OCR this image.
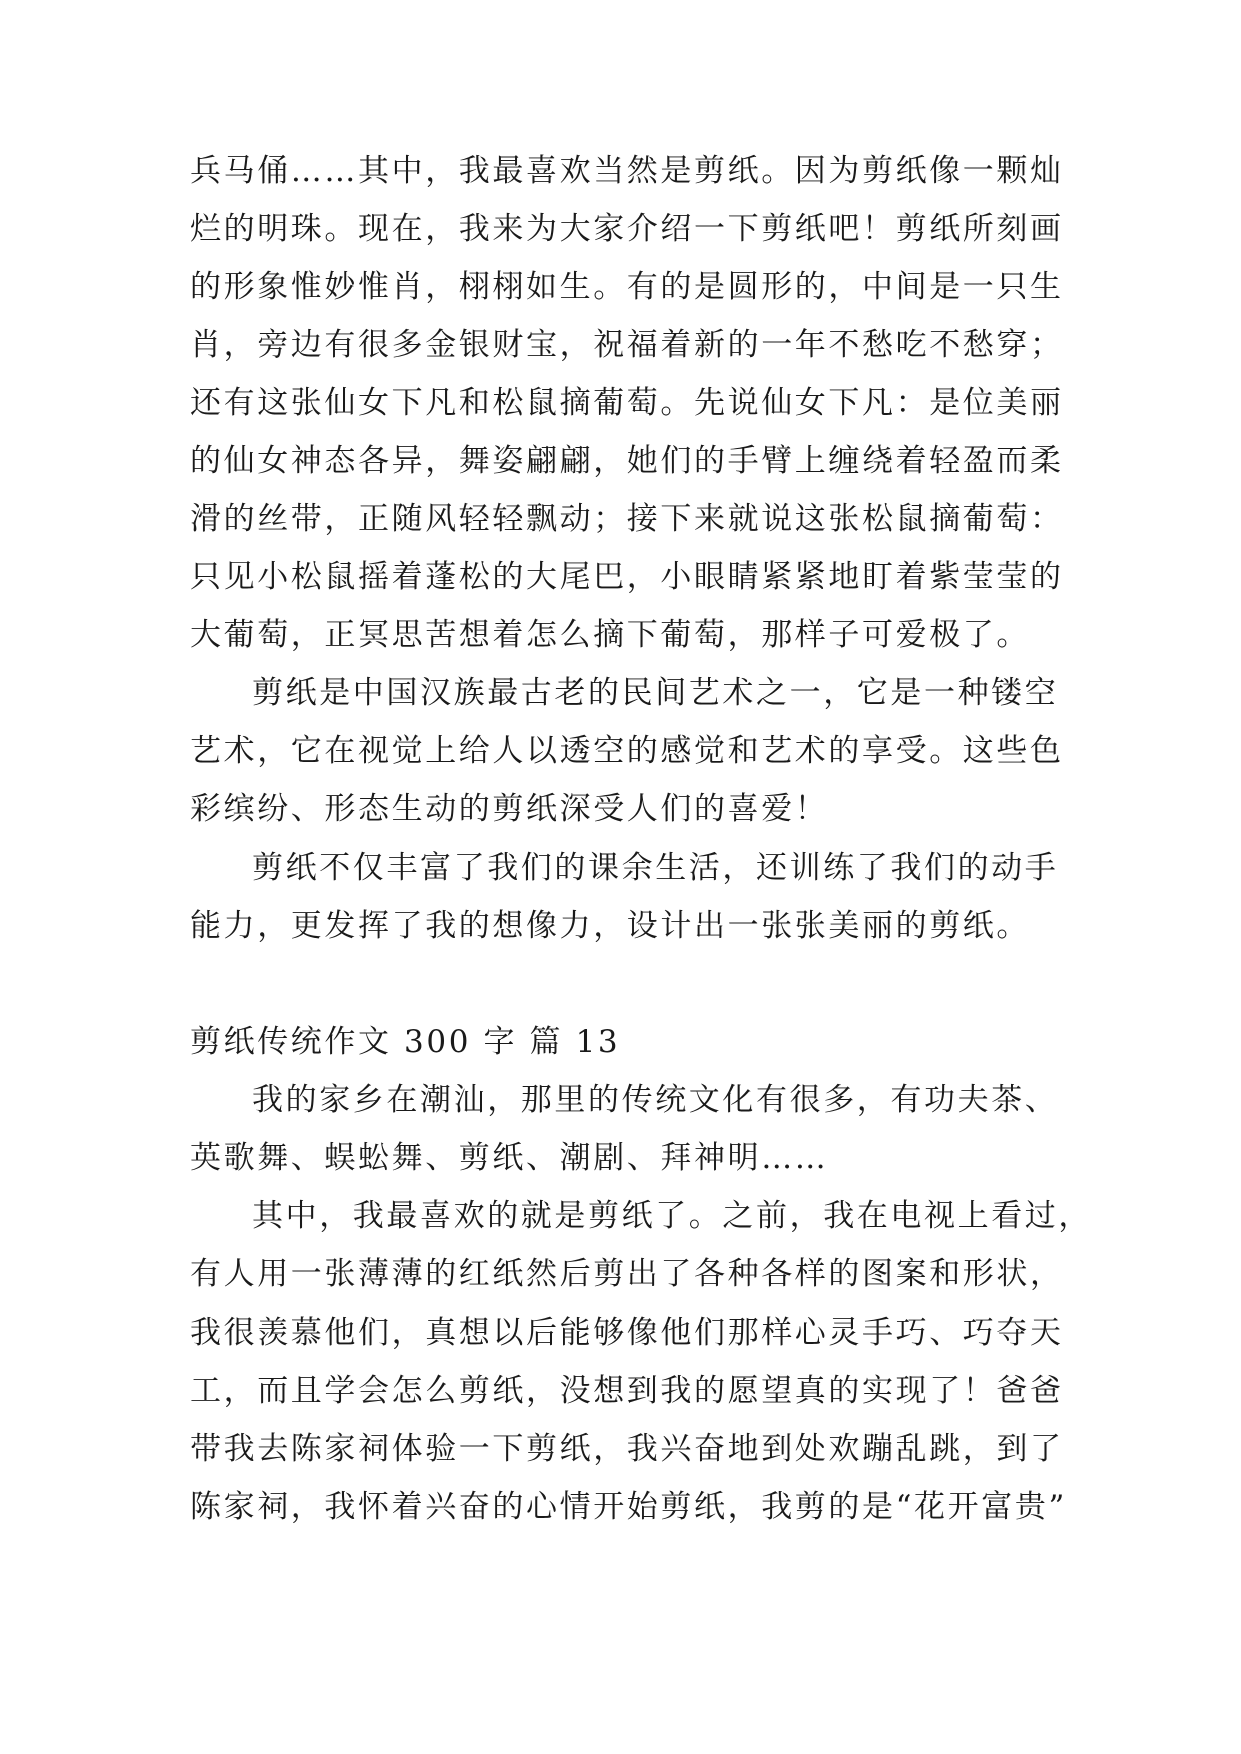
兵马俑……其中，我最喜欢当然是剪纸。因为剪纸像一颗灿
烂的明珠。现在，我来为大家介绍一下剪纸吧！剪纸所刻画
的形象惟妙惟肖，栩栩如生。有的是圆形的，中间是一只生
肖，旁边有很多金银财宝，祝福着新的一年不愁吃不愁穿；
还有这张仙女下凡和松鼠摘葡萄。先说仙女下凡：是位美丽
的仙女神态各异，舞姿翩翩，她们的手臂上缠绕着轻盈而柔
滑的丝带，正随风轻轻飘动；接下来就说这张松鼠摘葡萄：
只见小松鼠摇着蓬松的大尾巴，小眼睛紧紧地盯着紫莹莹的
大葡萄，正冥思苦想着怎么摘下葡萄，那样子可爱极了。
剪纸是中国汉族最古老的民间艺术之一，它是一种镂空
艺术，它在视觉上给人以透空的感觉和艺术的享受。这些色
彩缤纷、形态生动的剪纸深受人们的喜爱！
剪纸不仅丰富了我们的课余生活，还训练了我们的动手
能力，更发挥了我的想像力，设计出一张张美丽的剪纸。
剪纸传统作文 300 字 篇 13
我的家乡在潮汕，那里的传统文化有很多，有功夫茶、
英歌舞、蜈蚣舞、剪纸、潮剧、拜神明……
其中，我最喜欢的就是剪纸了。之前，我在电视上看过，
有人用一张薄薄的红纸然后剪出了各种各样的图案和形状，
我很羡慕他们，真想以后能够像他们那样心灵手巧、巧夺天
工，而且学会怎么剪纸，没想到我的愿望真的实现了！爸爸
带我去陈家祠体验一下剪纸，我兴奋地到处欢蹦乱跳，到了
陈家祠，我怀着兴奋的心情开始剪纸，我剪的是“花开富贵”
